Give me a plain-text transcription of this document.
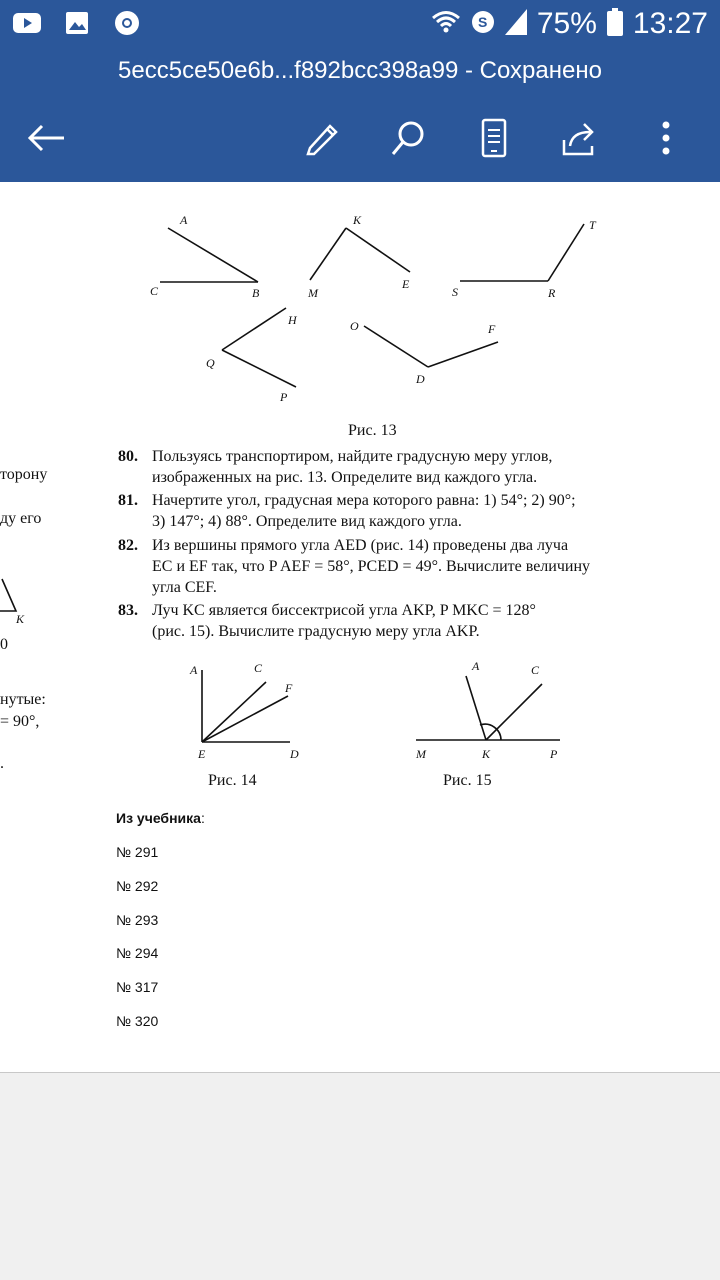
S 75% 13:27
5ecc5ce50e6b...f892bcc398a99 - Сохранено
A
C	B
K
M
E
T
S	R
H
Q
P
O	F
D
Рис. 13
торону
ду его
K
0
нутые:
= 90°,
.
80. Пользуясь транспортиром, найдите градусную меру углов,
изображенных на рис. 13. Определите вид каждого угла.
81. Начертите угол, градусная мера которого равна: 1) 54°; 2) 90°;
3) 147°; 4) 88°. Определите вид каждого угла.
82. Из вершины прямого угла AED (рис. 14) проведены два луча
EC и EF так, что P AEF = 58°, PCED = 49°. Вычислите величину
угла CEF.
83. Луч KC является биссектрисой угла AKP, P MKC = 128°
(рис. 15). Вычислите градусную меру угла AKP.
A	C
F
E	D
A	C
M	K	P
Рис. 14	Рис. 15
Из учебника:
№ 291
№ 292
№ 293
№ 294
№ 317
№ 320
